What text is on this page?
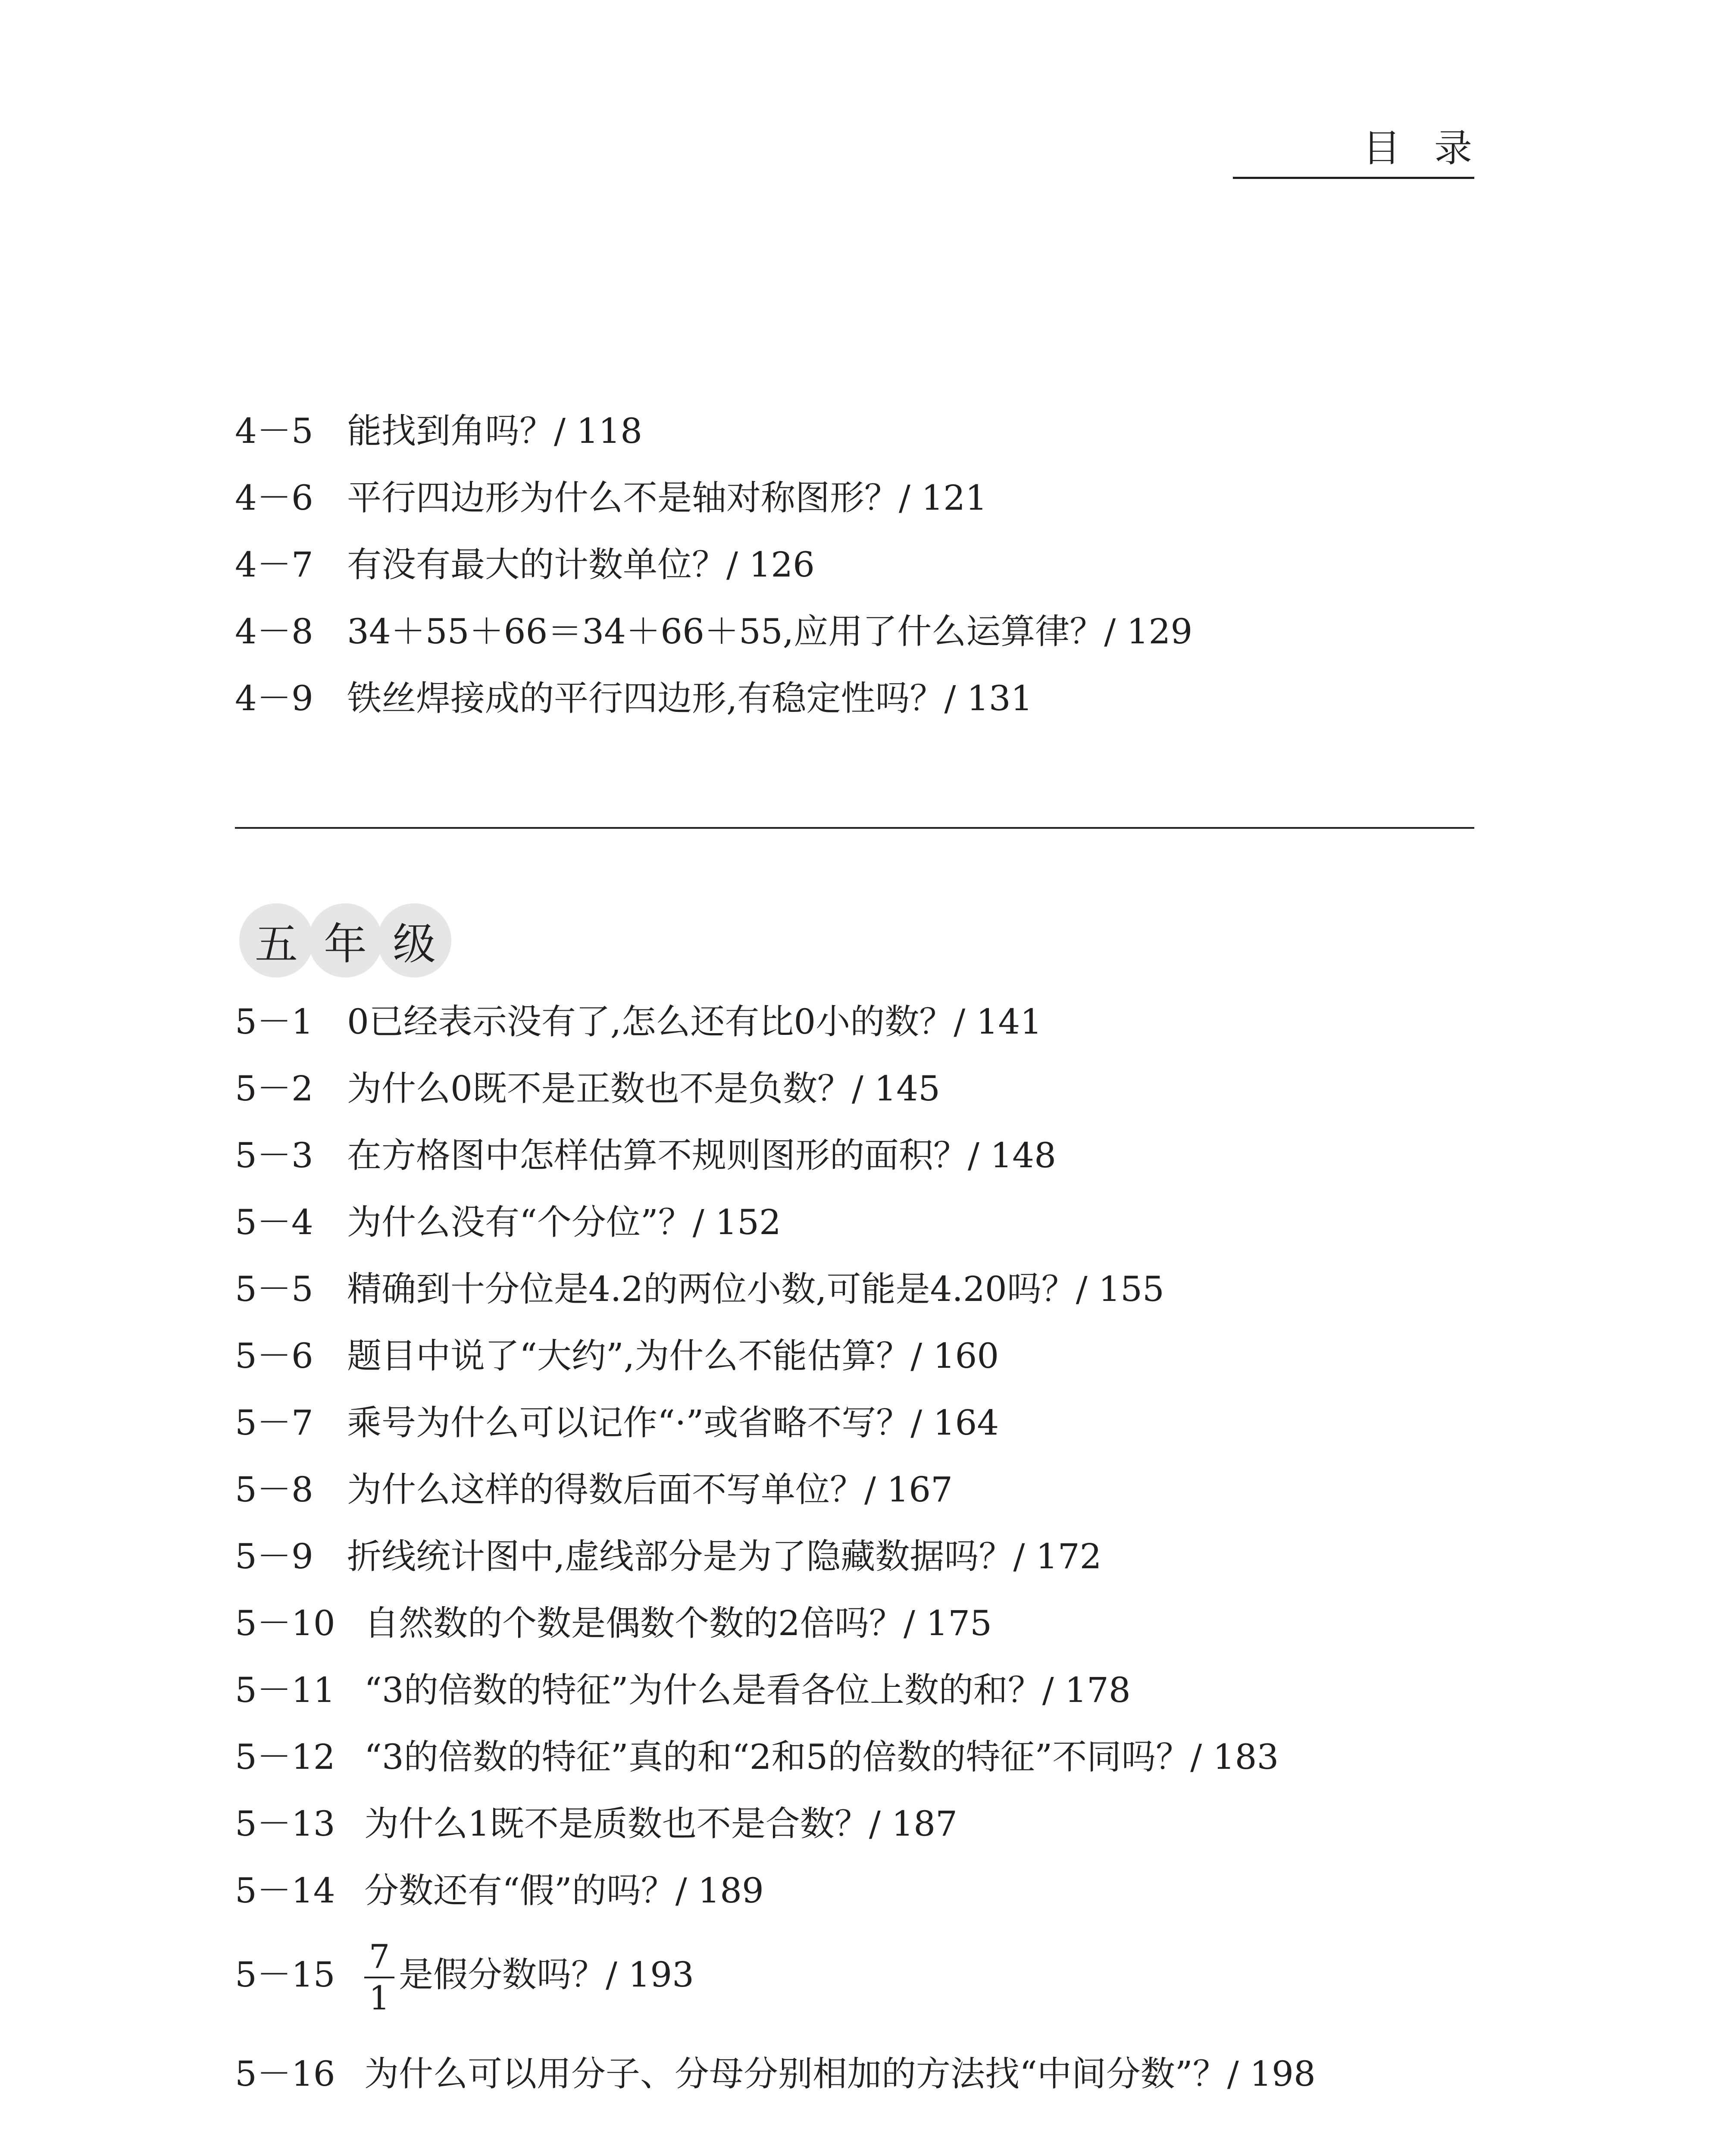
目录
4－5 能找到角吗？/ 118
4－6 平行四边形为什么不是轴对称图形？/ 121
4－7 有没有最大的计数单位？/ 126
4－8 34＋55＋66＝34＋66＋55,应用了什么运算律？/ 129
4－9 铁丝焊接成的平行四边形,有稳定性吗？/ 131
五 年 级
5－1 0已经表示没有了,怎么还有比0小的数？/ 141
5－2 为什么0既不是正数也不是负数？/ 145
5－3 在方格图中怎样估算不规则图形的面积？/ 148
5－4 为什么没有“个分位”？/ 152
5－5 精确到十分位是4.2的两位小数,可能是4.20吗？/ 155
5－6 题目中说了“大约”,为什么不能估算？/ 160
5－7 乘号为什么可以记作“·”或省略不写？/ 164
5－8 为什么这样的得数后面不写单位？/ 167
5－9 折线统计图中,虚线部分是为了隐藏数据吗？/ 172
5－10 自然数的个数是偶数个数的2倍吗？/ 175
5－11 “3的倍数的特征”为什么是看各位上数的和？/ 178
5－12 “3的倍数的特征”真的和“2和5的倍数的特征”不同吗？/ 183
5－13 为什么1既不是质数也不是合数？/ 187
5－14 分数还有“假”的吗？/ 189
$5-15 \frac{7}{1}$ 是假分数吗？/ 193
5－16 为什么可以用分子、分母分别相加的方法找“中间分数”？/ 198
